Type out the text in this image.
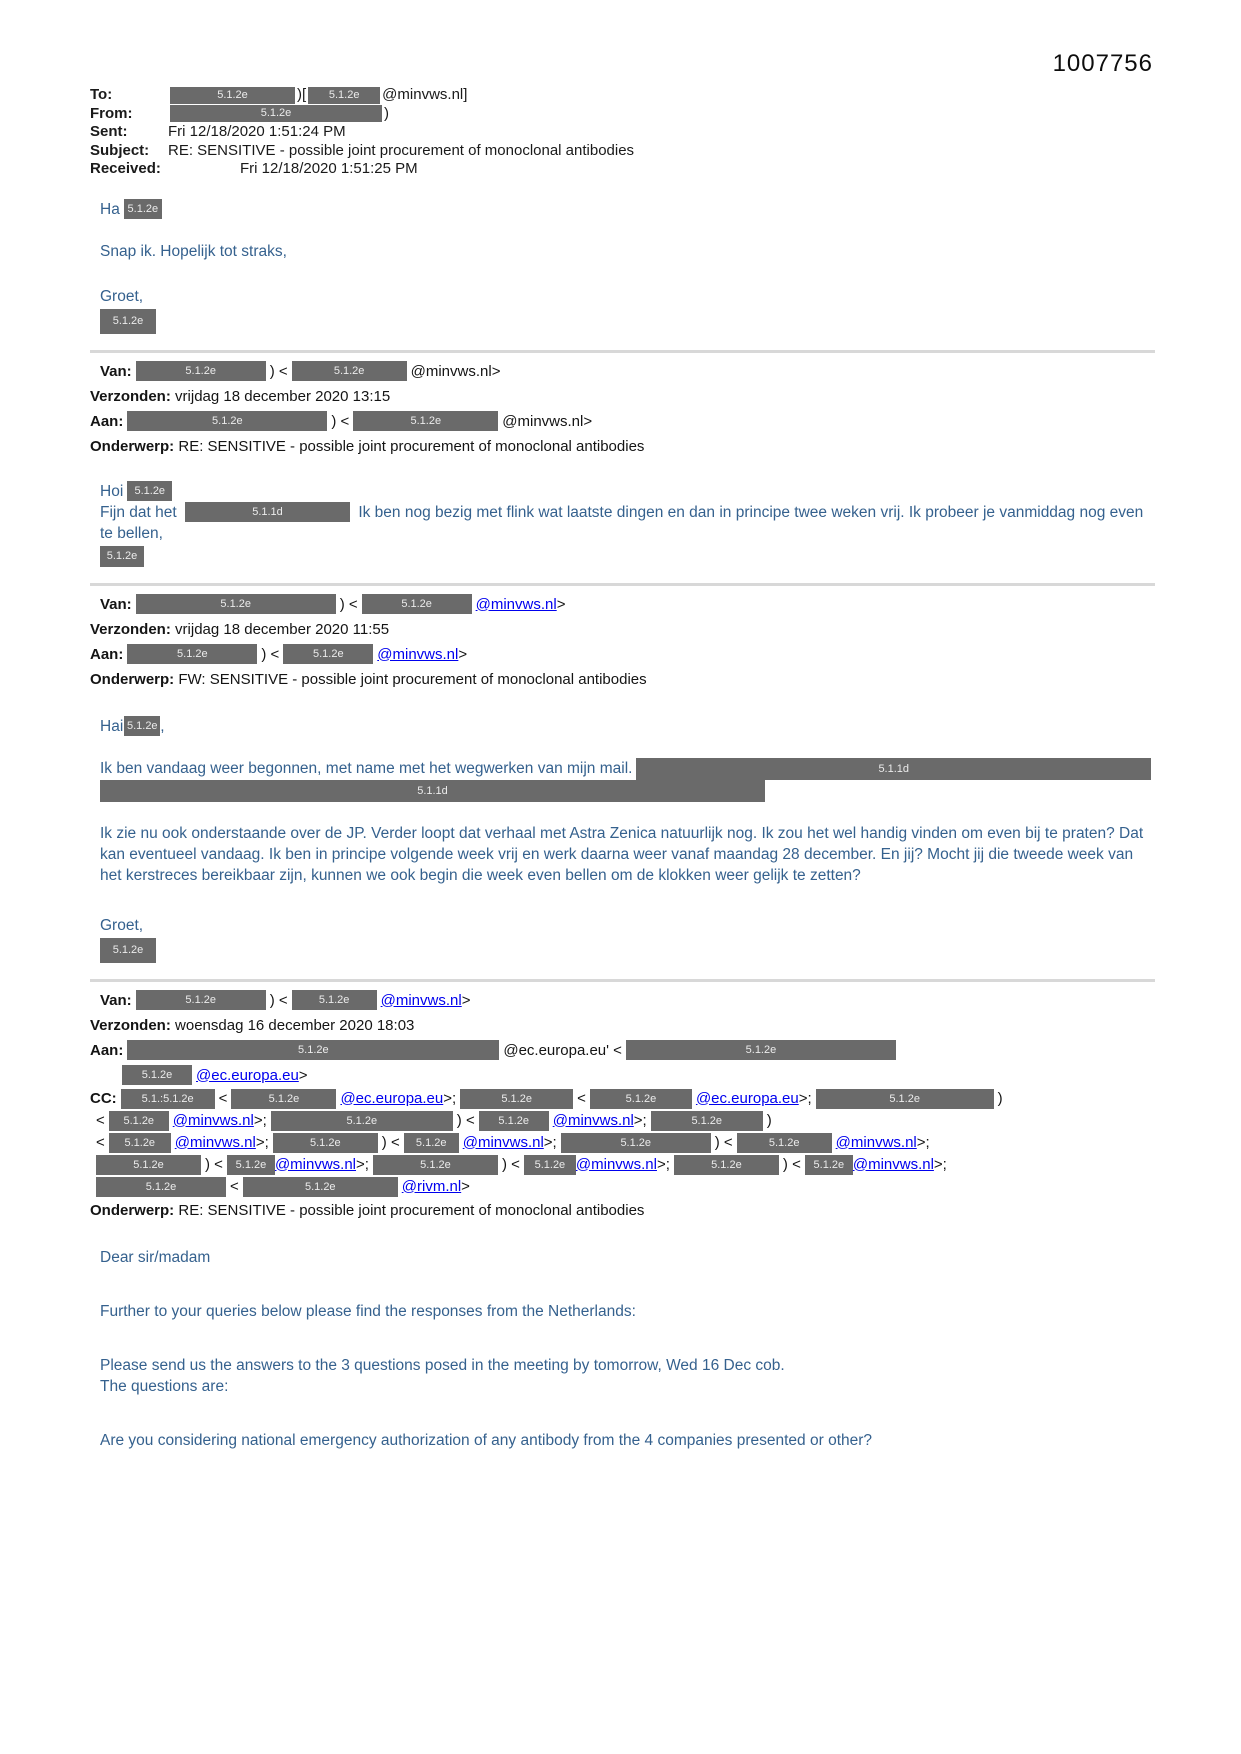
1007756
To:	5.1.2e	)[	5.1.2e	@minvws.nl]
From:	5.1.2e	)
Sent:	Fri 12/18/2020 1:51:24 PM
Subject:	RE: SENSITIVE - possible joint procurement of monoclonal antibodies
Received:	Fri 12/18/2020 1:51:25 PM
Ha 5.1.2e
Snap ik. Hopelijk tot straks,
Groet,
5.1.2e
Van:	5.1.2e	) <	5.1.2e	@minvws.nl>
Verzonden: vrijdag 18 december 2020 13:15
Aan:	5.1.2e	) <	5.1.2e	@minvws.nl>
Onderwerp: RE: SENSITIVE - possible joint procurement of monoclonal antibodies
Hoi	5.1.2e
Fijn dat het	5.1.1d	Ik ben nog bezig met flink wat laatste dingen en dan in principe twee weken vrij. Ik probeer je vanmiddag nog even te bellen,
5.1.2e
Van:	5.1.2e	) <	5.1.2e	@minvws.nl >
Verzonden: vrijdag 18 december 2020 11:55
Aan:	5.1.2e	) <	5.1.2e	@minvws.nl >
Onderwerp: FW: SENSITIVE - possible joint procurement of monoclonal antibodies
Hai 5.1.2e ,
Ik ben vandaag weer begonnen, met name met het wegwerken van mijn mail.	5.1.1d
5.1.1d

Ik zie nu ook onderstaande over de JP. Verder loopt dat verhaal met Astra Zenica natuurlijk nog. Ik zou het wel handig vinden om even bij te praten? Dat kan eventueel vandaag. Ik ben in principe volgende week vrij en werk daarna weer vanaf maandag 28 december. En jij? Mocht jij die tweede week van het kerstreces bereikbaar zijn, kunnen we ook begin die week even bellen om de klokken weer gelijk te zetten?

Groet,
5.1.2e
Van:	5.1.2e	) <	5.1.2e	@minvws.nl >
Verzonden: woensdag 16 december 2020 18:03
Aan:	5.1.2e	@ec.europa.eu' <	5.1.2e
5.1.2e	@ec.europa.eu >
CC:	5.1.:5.1.2e	<	5.1.2e	@ec.europa.eu >;	5.1.2e	<	5.1.2e	@ec.europa.eu >;	5.1.2e	)
<	5.1.2e	@minvws.nl >;	5.1.2e	) <	5.1.2e	@minvws.nl >;	5.1.2e	)
<	5.1.2e	@minvws.nl >;	5.1.2e	) <	5.1.2e	@minvws.nl >;	5.1.2e	) <	5.1.2e	@minvws.nl >;
5.1.2e	) <	5.1.2e @minvws.nl >;	5.1.2e	) <	5.1.2e @minvws.nl >;	5.1.2e	) <	5.1.2e @minvws.nl >;
5.1.2e	<	5.1.2e	@rivm.nl >
Onderwerp: RE: SENSITIVE - possible joint procurement of monoclonal antibodies
Dear sir/madam
Further to your queries below please find the responses from the Netherlands:
Please send us the answers to the 3 questions posed in the meeting by tomorrow, Wed 16 Dec cob.
The questions are:
Are you considering national emergency authorization of any antibody from the 4 companies presented or other?
